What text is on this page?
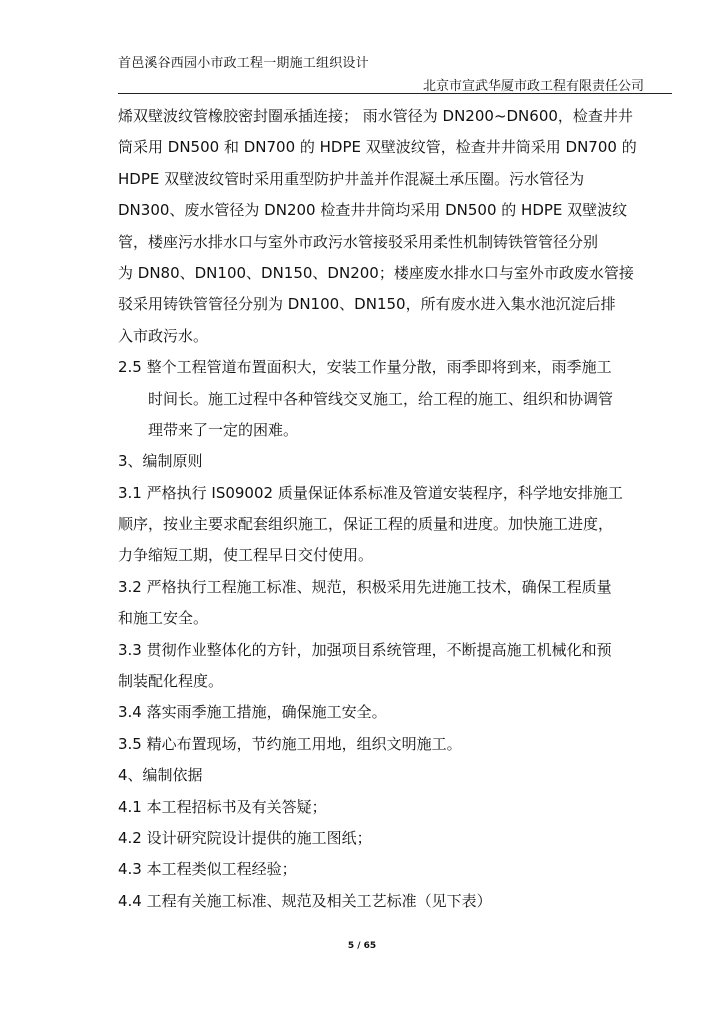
首邑溪谷西园小市政工程一期施工组织设计
北京市宣武华厦市政工程有限责任公司
烯双壁波纹管橡胶密封圈承插连接； 雨水管径为 DN200~DN600，检查井井
筒采用 DN500 和 DN700 的 HDPE 双壁波纹管，检查井井筒采用 DN700 的
HDPE 双壁波纹管时采用重型防护井盖并作混凝土承压圈。污水管径为
DN300、废水管径为 DN200 检查井井筒均采用 DN500 的 HDPE 双壁波纹
管，楼座污水排水口与室外市政污水管接驳采用柔性机制铸铁管管径分别
为 DN80、DN100、DN150、DN200；楼座废水排水口与室外市政废水管接
驳采用铸铁管管径分别为 DN100、DN150，所有废水进入集水池沉淀后排
入市政污水。
2.5 整个工程管道布置面积大，安装工作量分散，雨季即将到来，雨季施工
时间长。施工过程中各种管线交叉施工，给工程的施工、组织和协调管
理带来了一定的困难。
3、编制原则
3.1 严格执行 IS09002 质量保证体系标准及管道安装程序，科学地安排施工
顺序，按业主要求配套组织施工，保证工程的质量和进度。加快施工进度，
力争缩短工期，使工程早日交付使用。
3.2 严格执行工程施工标准、规范，积极采用先进施工技术，确保工程质量
和施工安全。
3.3 贯彻作业整体化的方针，加强项目系统管理，不断提高施工机械化和预
制装配化程度。
3.4 落实雨季施工措施，确保施工安全。
3.5 精心布置现场，节约施工用地，组织文明施工。
4、编制依据
4.1 本工程招标书及有关答疑；
4.2 设计研究院设计提供的施工图纸；
4.3 本工程类似工程经验；
4.4 工程有关施工标准、规范及相关工艺标准（见下表）
5 / 65
